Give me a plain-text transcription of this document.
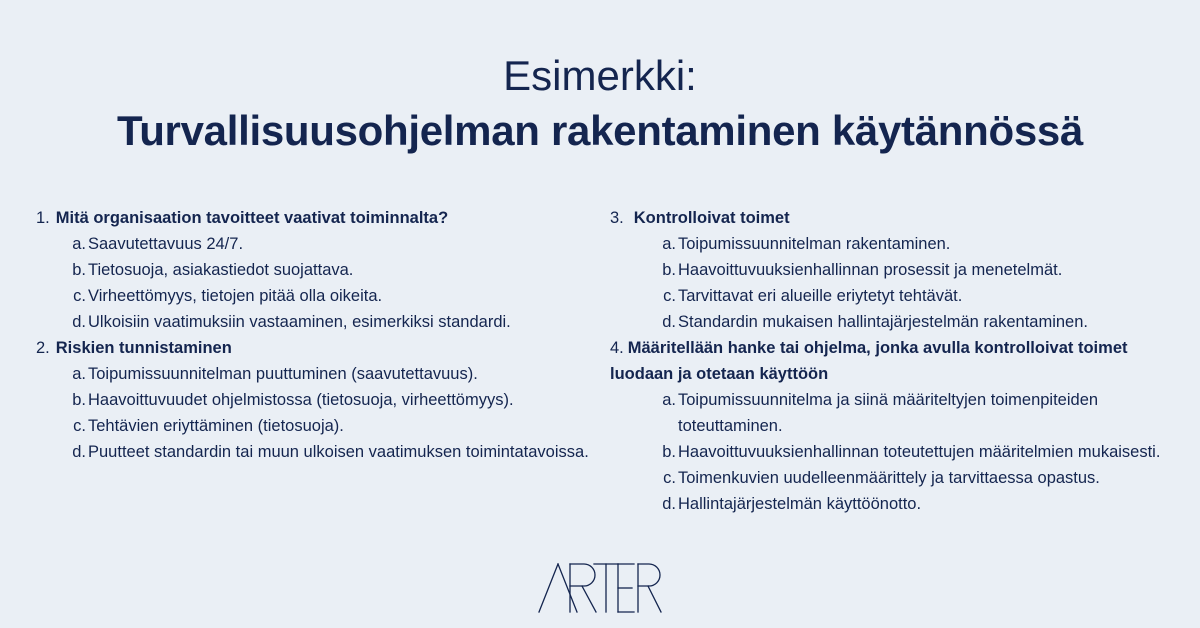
Esimerkki:
Turvallisuusohjelman rakentaminen käytännössä
1. Mitä organisaation tavoitteet vaativat toiminnalta?
a. Saavutettavuus 24/7.
b. Tietosuoja, asiakastiedot suojattava.
c. Virheettömyys, tietojen pitää olla oikeita.
d. Ulkoisiin vaatimuksiin vastaaminen, esimerkiksi standardi.
2. Riskien tunnistaminen
a. Toipumissuunnitelman puuttuminen (saavutettavuus).
b. Haavoittuvuudet ohjelmistossa (tietosuoja, virheettömyys).
c. Tehtävien eriyttäminen (tietosuoja).
d. Puutteet standardin tai muun ulkoisen vaatimuksen toimintatavoissa.
3. Kontrolloivat toimet
a. Toipumissuunnitelman rakentaminen.
b. Haavoittuvuuksienhallinnan prosessit ja menetelmät.
c. Tarvittavat eri alueille eriytetyt tehtävät.
d. Standardin mukaisen hallintajärjestelmän rakentaminen.
4. Määritellään hanke tai ohjelma, jonka avulla kontrolloivat toimet luodaan ja otetaan käyttöön
a. Toipumissuunnitelma ja siinä määriteltyjen toimenpiteiden toteuttaminen.
b. Haavoittuvuuksienhallinnan toteutettujen määritelmien mukaisesti.
c. Toimenkuvien uudelleenmäärittely ja tarvittaessa opastus.
d. Hallintajärjestelmän käyttöönotto.
